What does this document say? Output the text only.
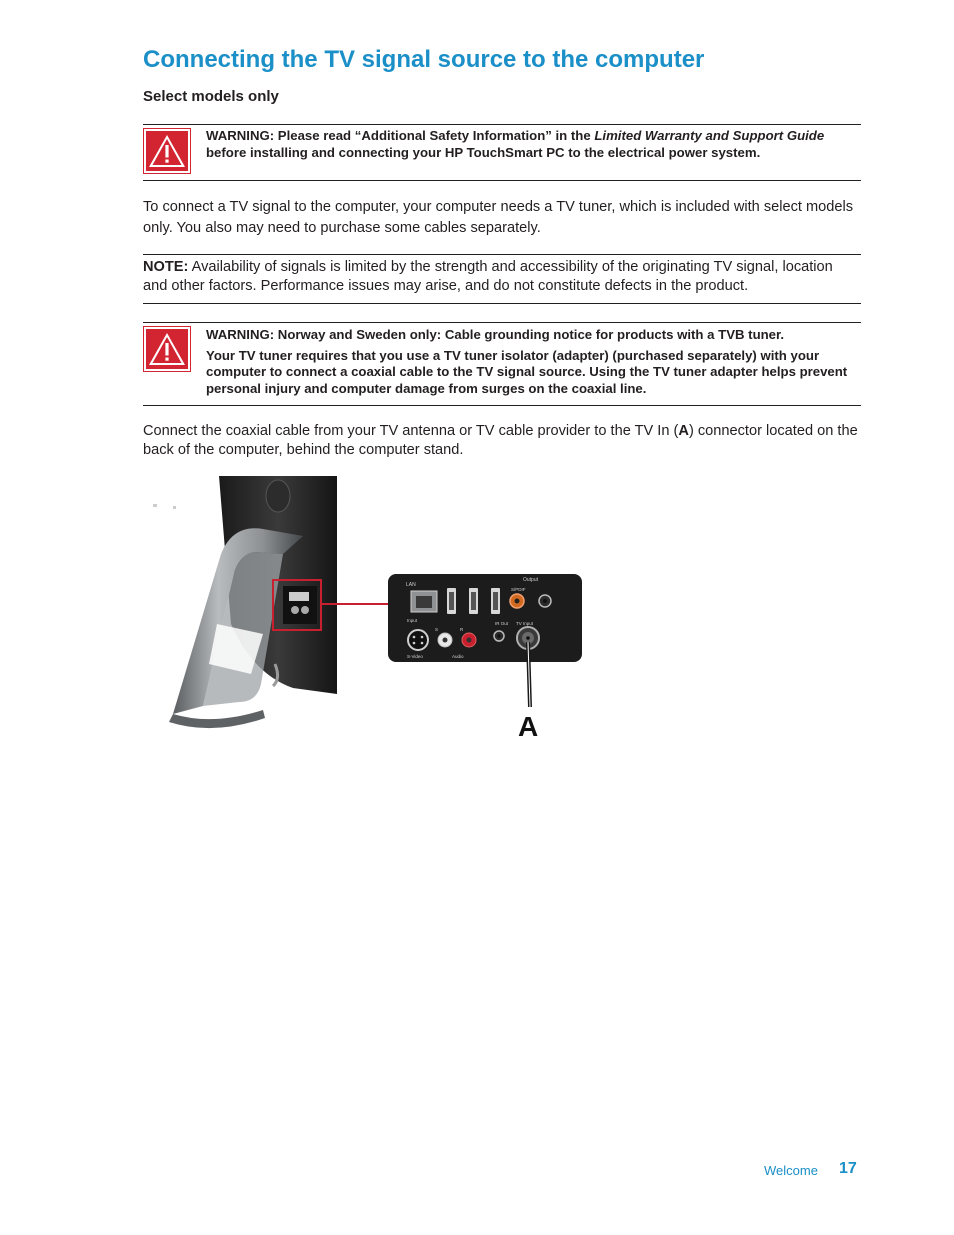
Connecting the TV signal source to the computer

Select models only

WARNING: Please read “Additional Safety Information” in the Limited Warranty and Support Guide before installing and connecting your HP TouchSmart PC to the electrical power system.

To connect a TV signal to the computer, your computer needs a TV tuner, which is included with select models only. You also may need to purchase some cables separately.

NOTE: Availability of signals is limited by the strength and accessibility of the originating TV signal, location and other factors. Performance issues may arise, and do not constitute defects in the product.

WARNING: Norway and Sweden only: Cable grounding notice for products with a TVB tuner.
Your TV tuner requires that you use a TV tuner isolator (adapter) (purchased separately) with your computer to connect a coaxial cable to the TV signal source. Using the TV tuner adapter helps prevent personal injury and computer damage from surges on the coaxial line.

Connect the coaxial cable from your TV antenna or TV cable provider to the TV In (A) connector located on the back of the computer, behind the computer stand.

LAN
Output
S/PDIF
Input
S	R
IR Out TV Input
S-Video	Audio
A
Welcome 17
